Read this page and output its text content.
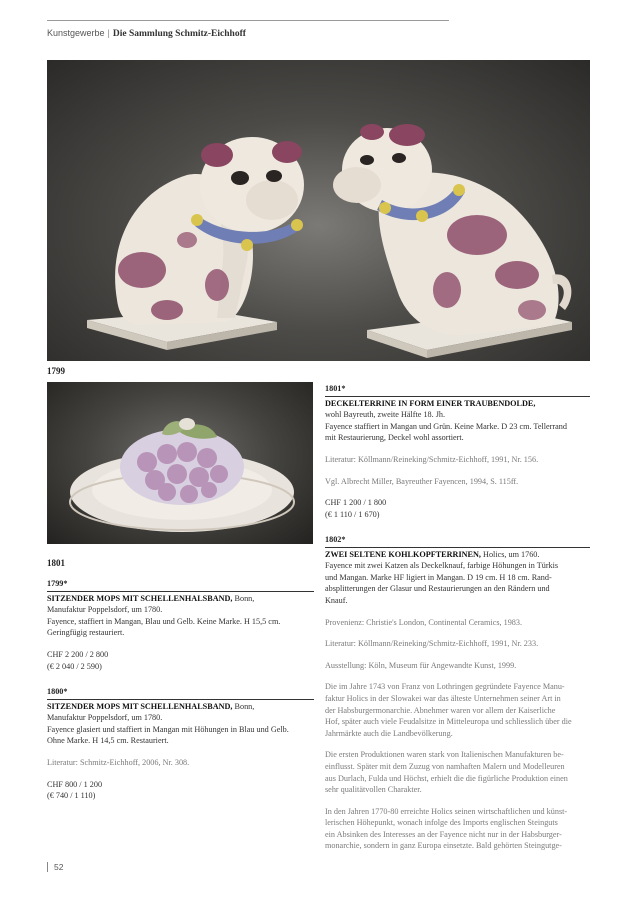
Kunstgewerbe | Die Sammlung Schmitz-Eichhoff
1799
1801

1799*

SITZENDER MOPS MIT SCHELLENHALSBAND, Bonn,

Manufaktur Poppelsdorf, um 1780.

Fayence, staffiert in Mangan, Blau und Gelb. Keine Marke. H 15,5 cm.

Geringfügig restauriert.

CHF 2 200 / 2 800

(€ 2 040 / 2 590)

1800*

SITZENDER MOPS MIT SCHELLENHALSBAND, Bonn,

Manufaktur Poppelsdorf, um 1780.

Fayence glasiert und staffiert in Mangan mit Höhungen in Blau und Gelb.

Ohne Marke. H 14,5 cm. Restauriert.

Literatur: Schmitz-Eichhoff, 2006, Nr. 308.

CHF 800 / 1 200

(€ 740 / 1 110)

1801*

DECKELTERRINE IN FORM EINER TRAUBENDOLDE,

wohl Bayreuth, zweite Hälfte 18. Jh.

Fayence staffiert in Mangan und Grün. Keine Marke. D 23 cm. Tellerrand

mit Restaurierung, Deckel wohl assortiert.

Literatur: Köllmann/Reineking/Schmitz-Eichhoff, 1991, Nr. 156.

Vgl. Albrecht Miller, Bayreuther Fayencen, 1994, S. 115ff.

CHF 1 200 / 1 800

(€ 1 110 / 1 670)

1802*

ZWEI SELTENE KOHLKOPFTERRINEN, Holics, um 1760.

Fayence mit zwei Katzen als Deckelknauf, farbige Höhungen in Türkis

und Mangan. Marke HF ligiert in Mangan. D 19 cm. H 18 cm. Rand-

absplitterungen der Glasur und Restaurierungen an den Rändern und

Knauf.

Provenienz: Christie's London, Continental Ceramics, 1983.

Literatur: Köllmann/Reineking/Schmitz-Eichhoff, 1991, Nr. 233.

Ausstellung: Köln, Museum für Angewandte Kunst, 1999.

Die im Jahre 1743 von Franz von Lothringen gegründete Fayence Manu-

faktur Holics in der Slowakei war das älteste Unternehmen seiner Art in

der Habsburgermonarchie. Abnehmer waren vor allem der Kaiserliche

Hof, später auch viele Feudalsitze in Mitteleuropa und schliesslich über die

Jahrmärkte auch die Landbevölkerung.

Die ersten Produktionen waren stark von Italienischen Manufakturen be-

einflusst. Später mit dem Zuzug von namhaften Malern und Modelleuren

aus Durlach, Fulda und Höchst, erhielt die die figürliche Produktion einen

sehr qualitätvollen Charakter.

In den Jahren 1770-80 erreichte Holics seinen wirtschaftlichen und künst-

lerischen Höhepunkt, wonach infolge des Imports englischen Steinguts

ein Absinken des Interesses an der Fayence nicht nur in der Habsburger-

monarchie, sondern in ganz Europa einsetzte. Bald gehörten Steingutge-

52
